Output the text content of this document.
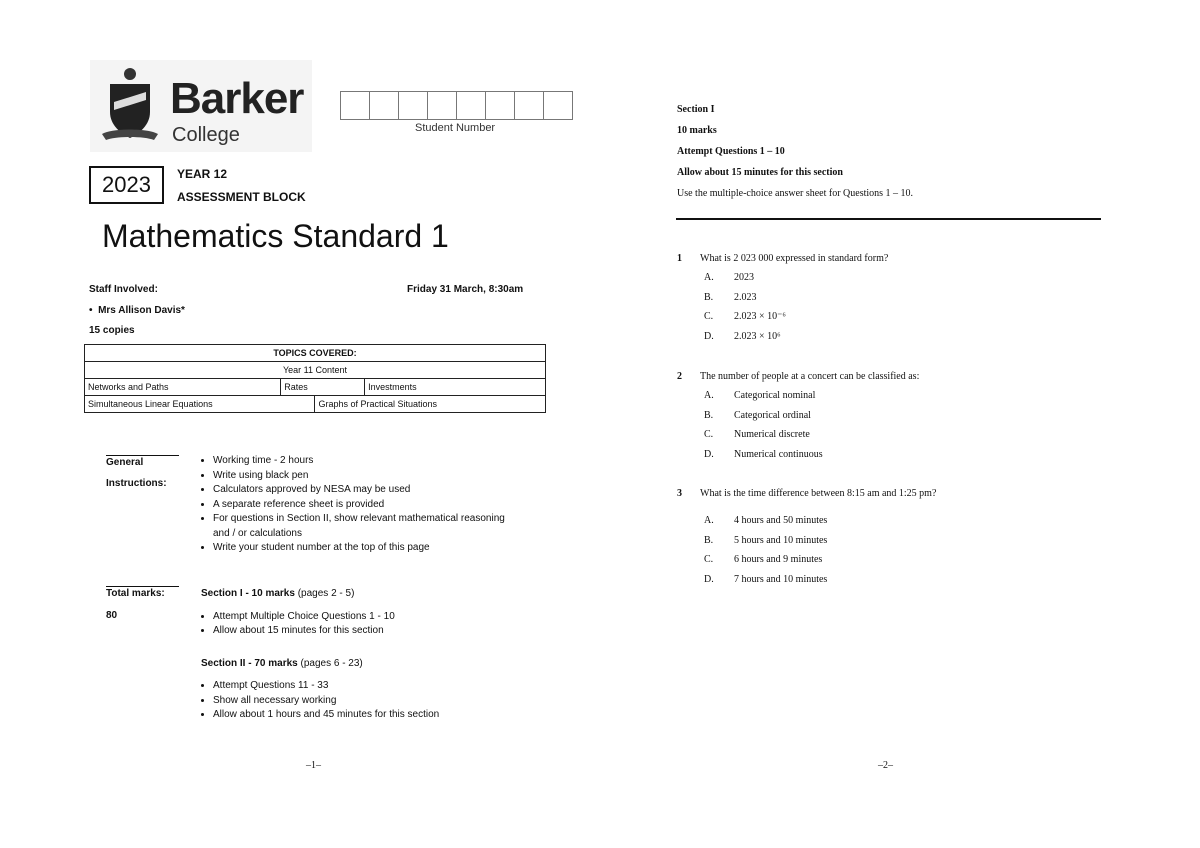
Barker
College	Student Number
2023	YEAR 12
ASSESSMENT BLOCK
Mathematics Standard 1
Staff Involved:	Friday 31 March, 8:30am
•  Mrs Allison Davis*
15 copies
TOPICS COVERED:			
Year 11 Content			
Networks and Paths	Rates		Investments
Simultaneous Linear Equations		Graphs of Practical Situations	
General
Instructions:
• Working time - 2 hours
• Write using black pen
• Calculators approved by NESA may be used
• A separate reference sheet is provided
• For questions in Section II, show relevant mathematical reasoning and / or calculations
• Write your student number at the top of this page
Total marks:
80
Section I - 10 marks (pages 2 - 5)
• Attempt Multiple Choice Questions 1 - 10
• Allow about 15 minutes for this section
Section II - 70 marks (pages 6 - 23)
• Attempt Questions 11 - 33
• Show all necessary working
• Allow about 1 hours and 45 minutes for this section
–1–
Section I
10 marks
Attempt Questions 1 – 10
Allow about 15 minutes for this section
Use the multiple-choice answer sheet for Questions 1 – 10.
1 What is 2 023 000 expressed in standard form?
A.	2023
B.	2.023
C.	2.023 × 10⁻⁶
D.	2.023 × 10⁶
2 The number of people at a concert can be classified as:
A.	Categorical nominal
B.	Categorical ordinal
C.	Numerical discrete
D.	Numerical continuous
3 What is the time difference between 8:15 am and 1:25 pm?
A.	4 hours and 50 minutes
B.	5 hours and 10 minutes
C.	6 hours and 9 minutes
D.	7 hours and 10 minutes
–2–
